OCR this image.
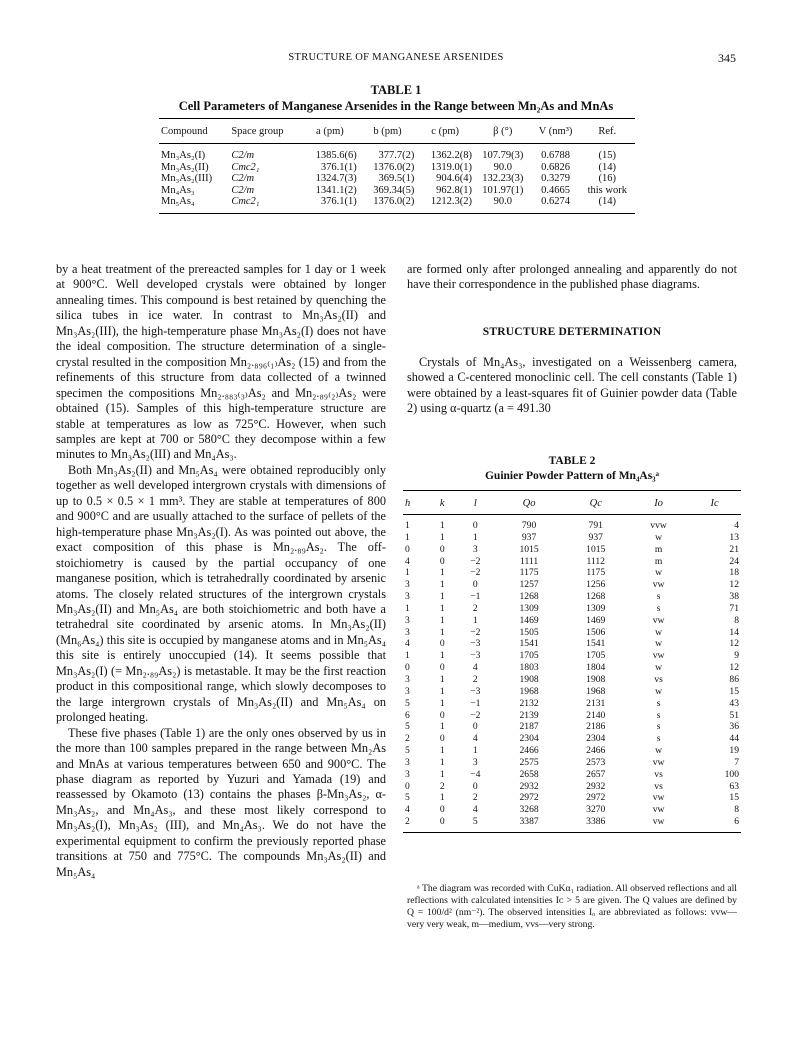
STRUCTURE OF MANGANESE ARSENIDES	345
TABLE 1
Cell Parameters of Manganese Arsenides in the Range between Mn₂As and MnAs
Compound	Space group	a (pm)	b (pm)	c (pm)	β (°)	V (nm³)	Ref.
Mn₃As₂(I)	C2/m	1385.6(6)	377.7(2)	1362.2(8)	107.79(3)	0.6788	(15)
Mn₃As₂(II)	Cmc2₁	376.1(1)	1376.0(2)	1319.0(1)	90.0	0.6826	(14)
Mn₃As₂(III)	C2/m	1324.7(3)	369.5(1)	904.6(4)	132.23(3)	0.3279	(16)
Mn₄As₃	C2/m	1341.1(2)	369.34(5)	962.8(1)	101.97(1)	0.4665	this work
Mn₅As₄	Cmc2₁	376.1(1)	1376.0(2)	1212.3(2)	90.0	0.6274	(14)

by a heat treatment of the prereacted samples for 1 day or 1 week at 900°C. Well developed crystals were obtained by longer annealing times. This compound is best retained by quenching the silica tubes in ice water. In contrast to Mn₃As₂(II) and Mn₃As₂(III), the high-temperature phase Mn₃As₂(I) does not have the ideal composition. The structure determination of a single-crystal resulted in the composition Mn₂.₈₉₆₍₁₎As₂ (15) and from the refinements of this structure from data collected of a twinned specimen the compositions Mn₂.₈₈₃₍₃₎As₂ and Mn₂.₈₉₍₂₎As₂ were obtained (15). Samples of this high-temperature structure are stable at temperatures as low as 725°C. However, when such samples are kept at 700 or 580°C they decompose within a few minutes to Mn₃As₂(III) and Mn₄As₃.

Both Mn₃As₂(II) and Mn₅As₄ were obtained reproducibly only together as well developed intergrown crystals with dimensions of up to 0.5 × 0.5 × 1 mm³. They are stable at temperatures of 800 and 900°C and are usually attached to the surface of pellets of the high-temperature phase Mn₃As₂(I). As was pointed out above, the exact composition of this phase is Mn₂.₈₉As₂. The off-stoichiometry is caused by the partial occupancy of one manganese position, which is tetrahedrally coordinated by arsenic atoms. The closely related structures of the intergrown crystals Mn₃As₂(II) and Mn₅As₄ are both stoichiometric and both have a tetrahedral site coordinated by arsenic atoms. In Mn₃As₂(II) (Mn₆As₄) this site is occupied by manganese atoms and in Mn₅As₄ this site is entirely unoccupied (14). It seems possible that Mn₃As₂(I) (= Mn₂.₈₉As₂) is metastable. It may be the first reaction product in this compositional range, which slowly decomposes to the large intergrown crystals of Mn₃As₂(II) and Mn₅As₄ on prolonged heating.

These five phases (Table 1) are the only ones observed by us in the more than 100 samples prepared in the range between Mn₂As and MnAs at various temperatures between 650 and 900°C. The phase diagram as reported by Yuzuri and Yamada (19) and reassessed by Okamoto (13) contains the phases β-Mn₃As₂, α-Mn₃As₂, and Mn₄As₃, and these most likely correspond to Mn₃As₂(I), Mn₃As₂ (III), and Mn₄As₃. We do not have the experimental equipment to confirm the previously reported phase transitions at 750 and 775°C. The compounds Mn₃As₂(II) and Mn₅As₄

are formed only after prolonged annealing and apparently do not have their correspondence in the published phase diagrams.

STRUCTURE DETERMINATION

Crystals of Mn₄As₃, investigated on a Weissenberg camera, showed a C-centered monoclinic cell. The cell constants (Table 1) were obtained by a least-squares fit of Guinier powder data (Table 2) using α-quartz (a = 491.30

TABLE 2
Guinier Powder Pattern of Mn₄As₃ᵃ
h	k	l	Qo	Qc	Io	Ic
1	1	0	790	791	vvw	4
1	1	1	937	937	w	13
0	0	3	1015	1015	m	21
4	0	−2	1111	1112	m	24
1	1	−2	1175	1175	w	18
3	1	0	1257	1256	vw	12
3	1	−1	1268	1268	s	38
1	1	2	1309	1309	s	71
3	1	1	1469	1469	vw	8
3	1	−2	1505	1506	w	14
4	0	−3	1541	1541	w	12
1	1	−3	1705	1705	vw	9
0	0	4	1803	1804	w	12
3	1	2	1908	1908	vs	86
3	1	−3	1968	1968	w	15
5	1	−1	2132	2131	s	43
6	0	−2	2139	2140	s	51
5	1	0	2187	2186	s	36
2	0	4	2304	2304	s	44
5	1	1	2466	2466	w	19
3	1	3	2575	2573	vw	7
3	1	−4	2658	2657	vs	100
0	2	0	2932	2932	vs	63
5	1	2	2972	2972	vw	15
4	0	4	3268	3270	vw	8
2	0	5	3387	3386	vw	6
ᵃ The diagram was recorded with CuKα₁ radiation. All observed reflections and all reflections with calculated intensities Iᴄ > 5 are given. The Q values are defined by Q = 100/d² (nm⁻²). The observed intensities Iₒ are abbreviated as follows: vvw—very very weak, m—medium, vvs—very strong.
